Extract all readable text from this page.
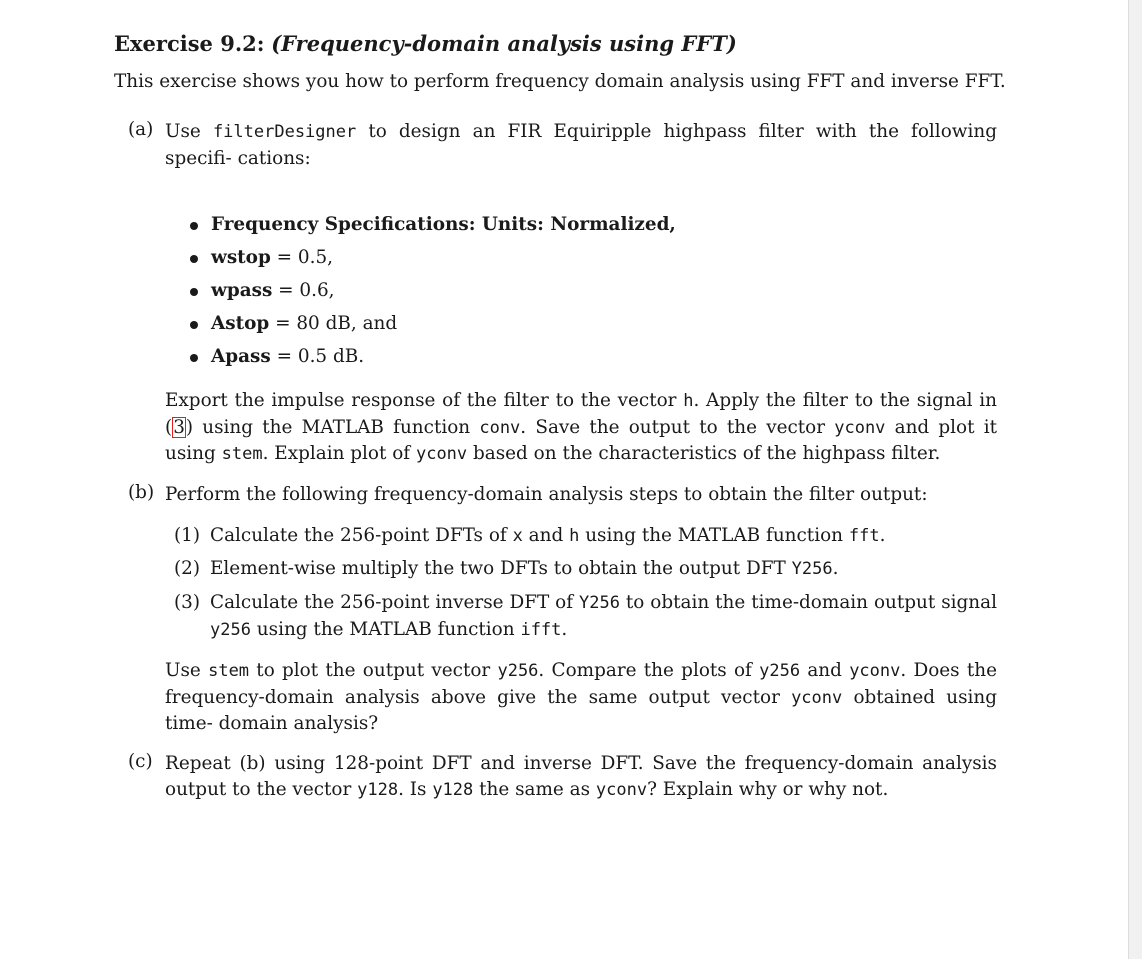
Exercise 9.2: (Frequency-domain analysis using FFT)
This exercise shows you how to perform frequency domain analysis using FFT and inverse FFT.
(a) Use filterDesigner to design an FIR Equiripple highpass filter with the following specifi- cations:
Frequency Specifications: Units: Normalized,
wstop = 0.5,
wpass = 0.6,
Astop = 80 dB, and
Apass = 0.5 dB.
Export the impulse response of the filter to the vector h. Apply the filter to the signal in (3) using the MATLAB function conv. Save the output to the vector yconv and plot it using stem. Explain plot of yconv based on the characteristics of the highpass filter.
(b) Perform the following frequency-domain analysis steps to obtain the filter output:
(1) Calculate the 256-point DFTs of x and h using the MATLAB function fft.
(2) Element-wise multiply the two DFTs to obtain the output DFT Y256.
(3) Calculate the 256-point inverse DFT of Y256 to obtain the time-domain output signal y256 using the MATLAB function ifft.
Use stem to plot the output vector y256. Compare the plots of y256 and yconv. Does the frequency-domain analysis above give the same output vector yconv obtained using time- domain analysis?
(c) Repeat (b) using 128-point DFT and inverse DFT. Save the frequency-domain analysis output to the vector y128. Is y128 the same as yconv? Explain why or why not.
